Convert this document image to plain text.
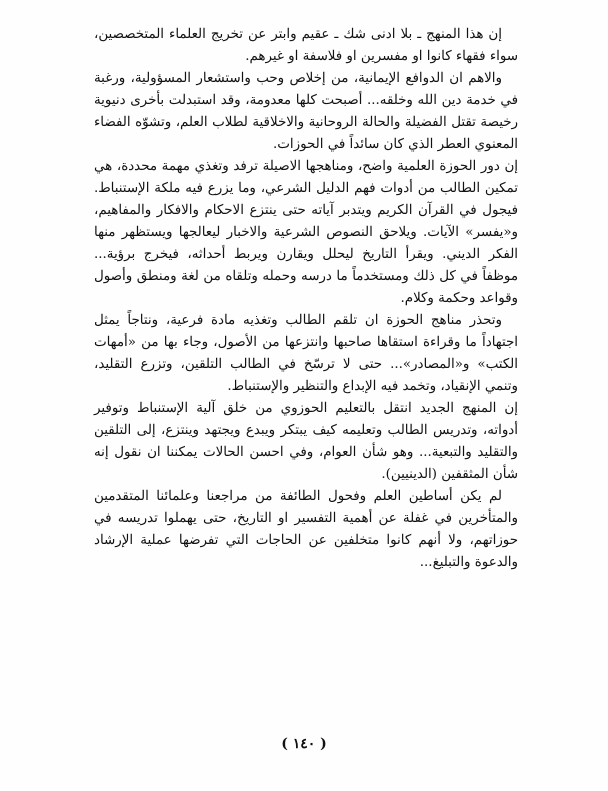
إن هذا المنهج ـ بلا ادنى شك ـ عقيم وابتر عن تخريج العلماء المتخصصين، سواء فقهاء كانوا او مفسرين او فلاسفة او غيرهم.

والاهم ان الدوافع الإيمانية، من إخلاص وحب واستشعار المسؤولية، ورغبة في خدمة دين الله وخلقه... أصبحت كلها معدومة، وقد استبدلت بأخرى دنيوية رخيصة تقتل الفضيلة والحالة الروحانية والاخلاقية لطلاب العلم، وتشوّه الفضاء المعنوي العطر الذي كان سائداً في الحوزات.

إن دور الحوزة العلمية واضح، ومناهجها الاصيلة ترفد وتغذي مهمة محددة، هي تمكين الطالب من أدوات فهم الدليل الشرعي، وما يزرع فيه ملكة الإستنباط. فيجول في القرآن الكريم ويتدبر آياته حتى ينتزع الاحكام والافكار والمفاهيم، و«يفسر» الآيات. ويلاحق النصوص الشرعية والاخبار ليعالجها ويستظهر منها الفكر الديني. ويقرأ التاريخ ليحلل ويقارن ويربط أحداثه، فيخرج برؤية... موظفاً في كل ذلك ومستخدماً ما درسه وحمله وتلقاه من لغة ومنطق وأصول وقواعد وحكمة وكلام.

وتحذر مناهج الحوزة ان تلقم الطالب وتغذيه مادة فرعية، ونتاجاً يمثل اجتهاداً ما وقراءة استقاها صاحبها وانتزعها من الأصول، وجاء بها من «أمهات الكتب» و«المصادر»... حتى لا ترسّخ في الطالب التلقين، وتزرع التقليد، وتنمي الإنقياد، وتخمد فيه الإبداع والتنظير والإستنباط.

إن المنهج الجديد انتقل بالتعليم الحوزوي من خلق آلية الإستنباط وتوفير أدواته، وتدريس الطالب وتعليمه كيف يبتكر ويبدع ويجتهد وينتزع، إلى التلقين والتقليد والتبعية... وهو شأن العوام، وفي احسن الحالات يمكننا ان نقول إنه شأن المثقفين (الدينيين).

لم يكن أساطين العلم وفحول الطائفة من مراجعنا وعلمائنا المتقدمين والمتأخرين في غفلة عن أهمية التفسير او التاريخ، حتى يهملوا تدريسه في حوزاتهم، ولا أنهم كانوا متخلفين عن الحاجات التي تفرضها عملية الإرشاد والدعوة والتبليغ...

( ١٤٠ )
